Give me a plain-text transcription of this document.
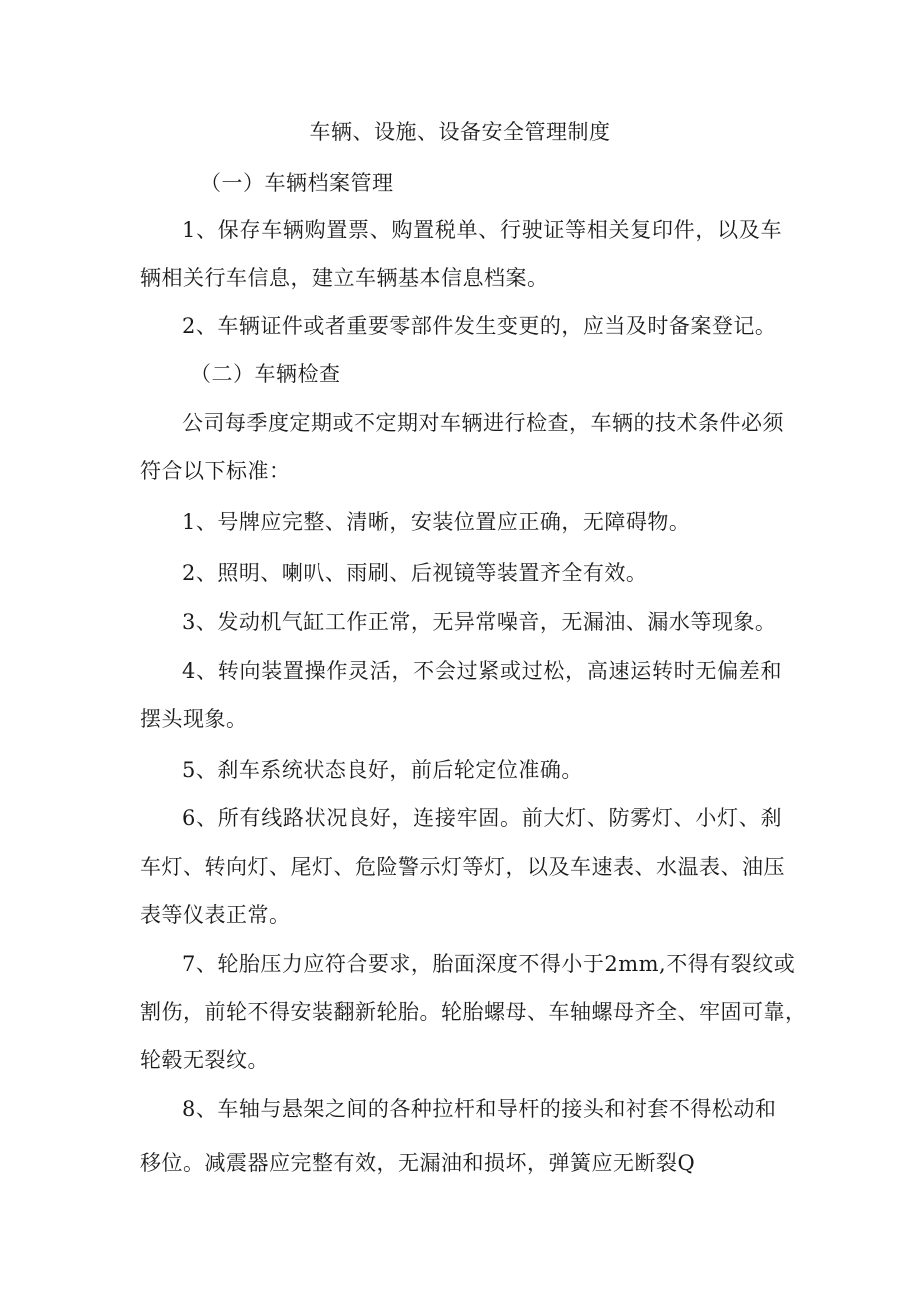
车辆、设施、设备安全管理制度
（一）车辆档案管理
1、保存车辆购置票、购置税单、行驶证等相关复印件，以及车
辆相关行车信息，建立车辆基本信息档案。
2、车辆证件或者重要零部件发生变更的，应当及时备案登记。
（二）车辆检查
公司每季度定期或不定期对车辆进行检查，车辆的技术条件必须
符合以下标准：
1、号牌应完整、清晰，安装位置应正确，无障碍物。
2、照明、喇叭、雨刷、后视镜等装置齐全有效。
3、发动机气缸工作正常，无异常噪音，无漏油、漏水等现象。
4、转向装置操作灵活，不会过紧或过松，高速运转时无偏差和
摆头现象。
5、刹车系统状态良好，前后轮定位准确。
6、所有线路状况良好，连接牢固。前大灯、防雾灯、小灯、刹
车灯、转向灯、尾灯、危险警示灯等灯，以及车速表、水温表、油压
表等仪表正常。
7、轮胎压力应符合要求，胎面深度不得小于2mm,不得有裂纹或
割伤，前轮不得安装翻新轮胎。轮胎螺母、车轴螺母齐全、牢固可靠，
轮毂无裂纹。
8、车轴与悬架之间的各种拉杆和导杆的接头和衬套不得松动和
移位。减震器应完整有效，无漏油和损坏，弹簧应无断裂Q
